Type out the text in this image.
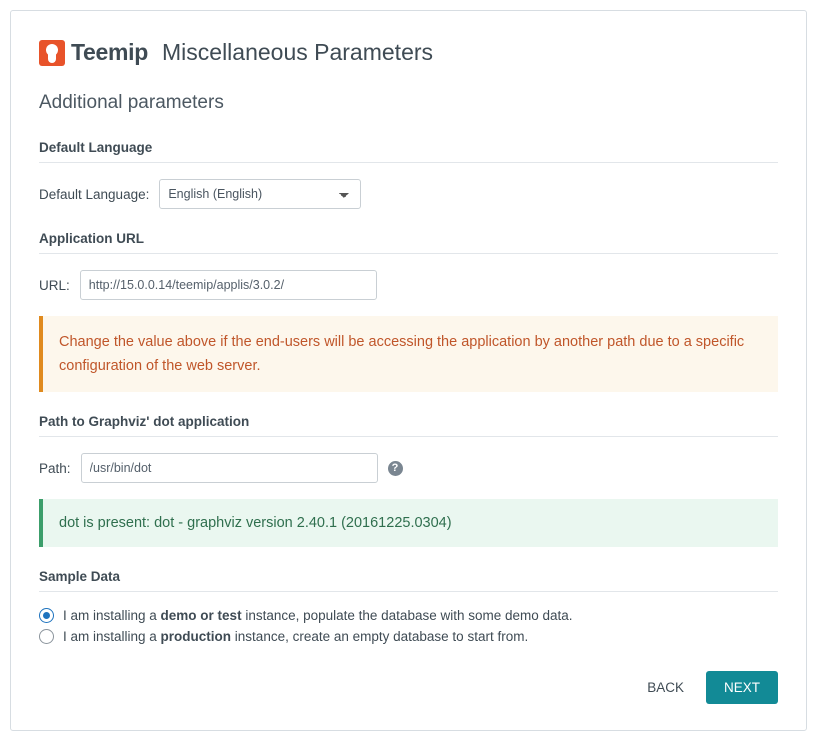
Teemip Miscellaneous Parameters
Additional parameters
Default Language
Default Language:
English (English)
Application URL
URL:
http://15.0.0.14/teemip/applis/3.0.2/
Change the value above if the end-users will be accessing the application by another path due to a specific configuration of the web server.
Path to Graphviz' dot application
Path:
/usr/bin/dot	?
dot is present: dot - graphviz version 2.40.1 (20161225.0304)
Sample Data
I am installing a demo or test instance, populate the database with some demo data.
I am installing a production instance, create an empty database to start from.
BACK	NEXT
